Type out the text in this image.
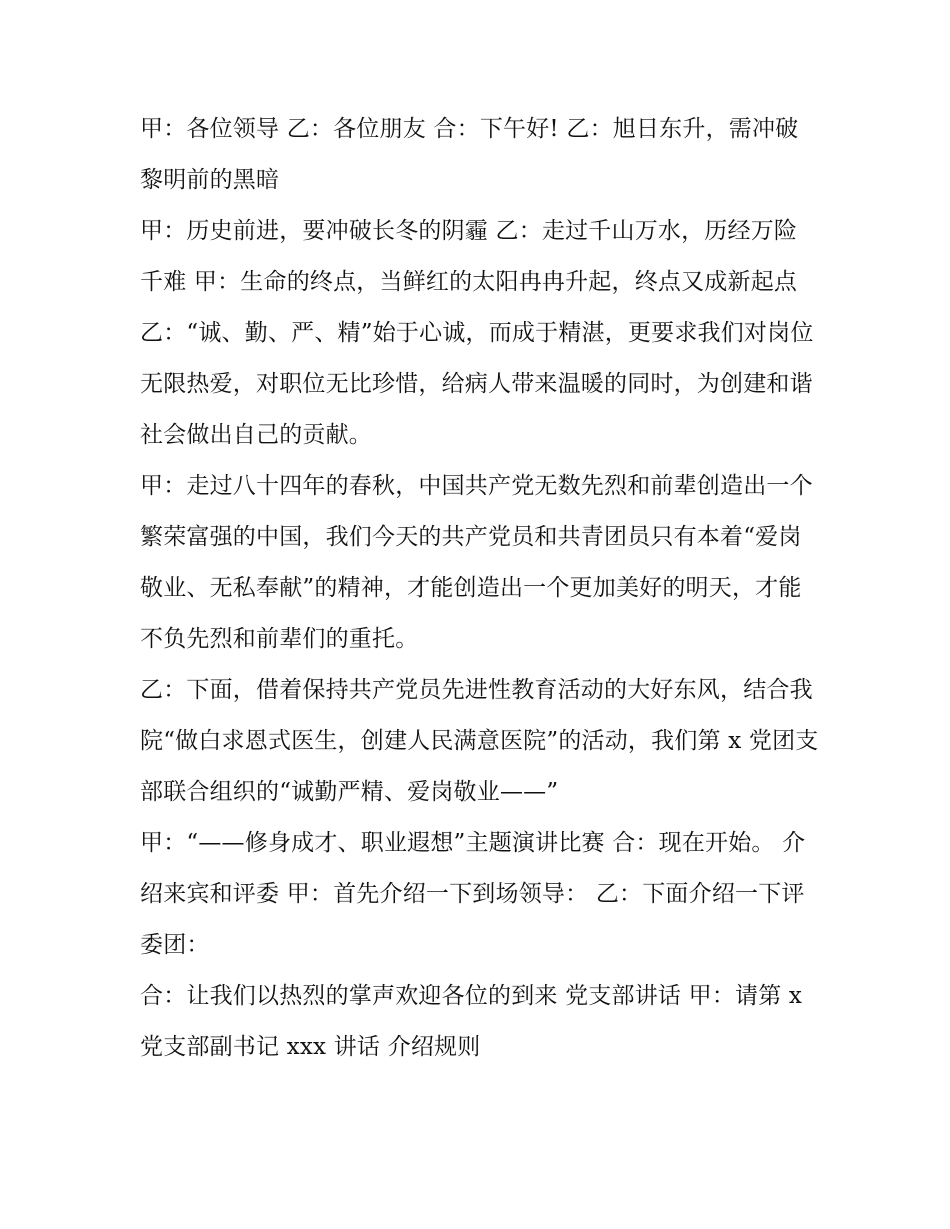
甲：各位领导 乙：各位朋友 合：下午好! 乙：旭日东升，需冲破黎明前的黑暗

甲：历史前进，要冲破长冬的阴霾 乙：走过千山万水，历经万险千难 甲：生命的终点，当鲜红的太阳冉冉升起，终点又成新起点

乙：“诚、勤、严、精”始于心诚，而成于精湛，更要求我们对岗位无限热爱，对职位无比珍惜，给病人带来温暖的同时，为创建和谐社会做出自己的贡献。

甲：走过八十四年的春秋，中国共产党无数先烈和前辈创造出一个繁荣富强的中国，我们今天的共产党员和共青团员只有本着“爱岗敬业、无私奉献”的精神，才能创造出一个更加美好的明天，才能不负先烈和前辈们的重托。

乙：下面，借着保持共产党员先进性教育活动的大好东风，结合我院“做白求恩式医生，创建人民满意医院”的活动，我们第 x 党团支部联合组织的“诚勤严精、爱岗敬业——”

甲：“——修身成才、职业遐想”主题演讲比赛 合：现在开始。 介绍来宾和评委 甲：首先介绍一下到场领导： 乙：下面介绍一下评委团：

合：让我们以热烈的掌声欢迎各位的到来 党支部讲话 甲：请第 x 党支部副书记 xxx 讲话 介绍规则
